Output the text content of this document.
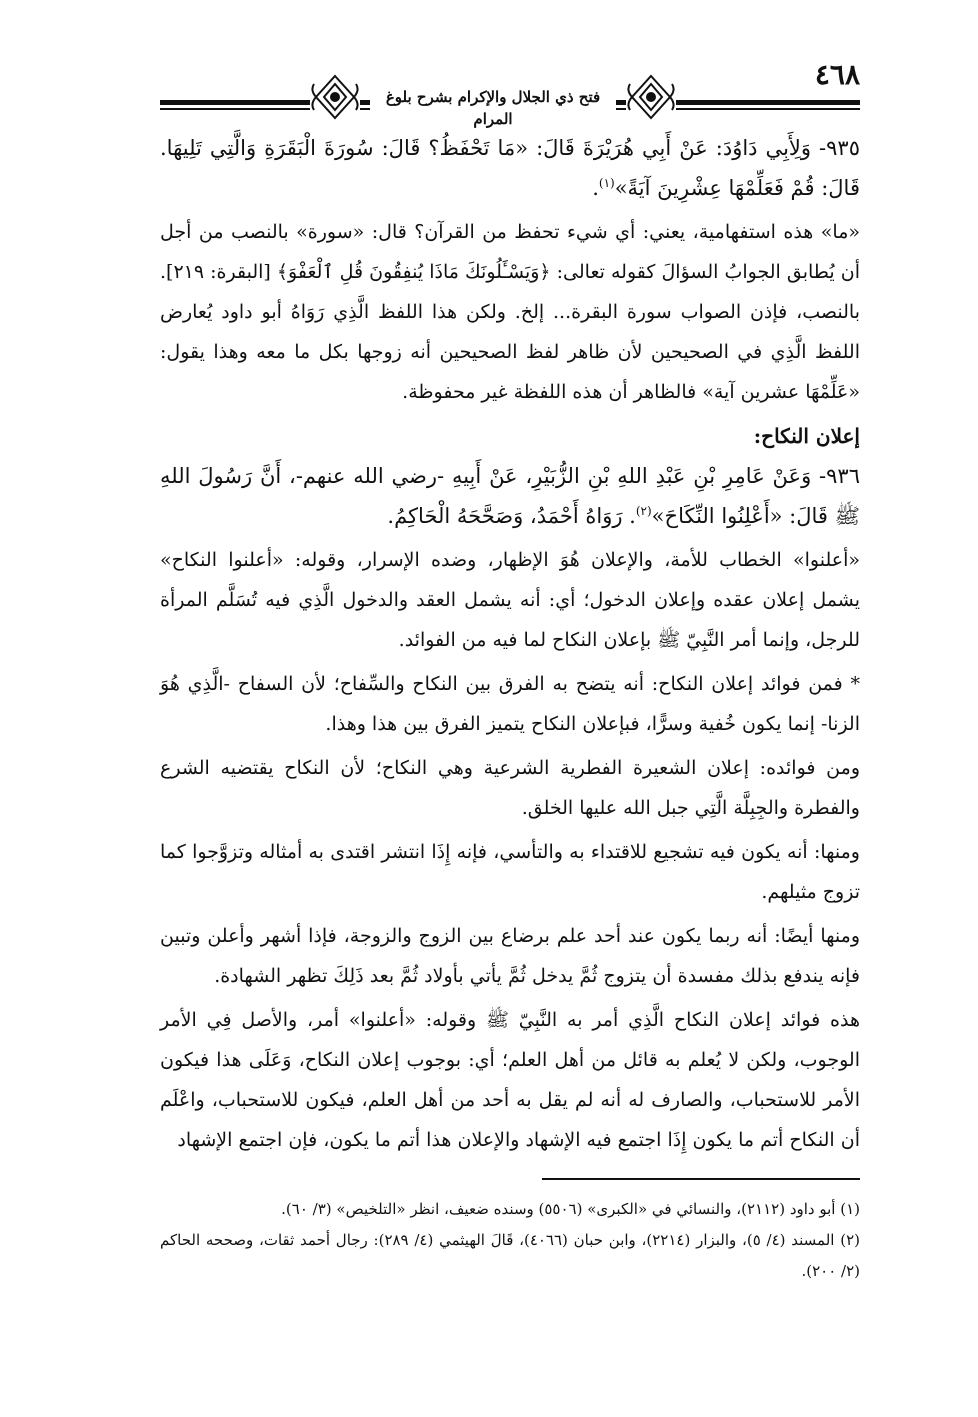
فتح ذي الجلال والإكرام بشرح بلوغ المرام
٤٦٨

٩٣٥- وَلِأَبِي دَاوُدَ: عَنْ أَبِي هُرَيْرَةَ قَالَ: «مَا تَحْفَظُ؟ قَالَ: سُورَةَ الْبَقَرَةِ وَالَّتِي تَلِيهَا. قَالَ: قُمْ فَعَلِّمْهَا عِشْرِينَ آيَةً»$^{(١)}$.

«ما» هذه استفهامية، يعني: أي شيء تحفظ من القرآن؟ قال: «سورة» بالنصب من أجل أن يُطابق الجوابُ السؤالَ كقوله تعالى: ﴿وَيَسْـَٔلُونَكَ مَاذَا يُنفِقُونَ قُلِ ٱلْعَفْوَ﴾ [البقرة: ٢١٩]. بالنصب، فإذن الصواب سورة البقرة... إلخ. ولكن هذا اللفظ الَّذِي رَوَاهُ أبو داود يُعارض اللفظ الَّذِي في الصحيحين لأن ظاهر لفظ الصحيحين أنه زوجها بكل ما معه وهذا يقول: «عَلِّمْهَا عشرين آية» فالظاهر أن هذه اللفظة غير محفوظة.

إعلان النكاح:

٩٣٦- وَعَنْ عَامِرِ بْنِ عَبْدِ اللهِ بْنِ الزُّبَيْرِ، عَنْ أَبِيهِ -رضي الله عنهم-، أَنَّ رَسُولَ اللهِ ﷺ قَالَ: «أَعْلِنُوا النِّكَاحَ»$^{(٢)}$. رَوَاهُ أَحْمَدُ، وَصَحَّحَهُ الْحَاكِمُ.

«أعلنوا» الخطاب للأمة، والإعلان هُوَ الإظهار، وضده الإسرار، وقوله: «أعلنوا النكاح» يشمل إعلان عقده وإعلان الدخول؛ أي: أنه يشمل العقد والدخول الَّذِي فيه تُسَلَّم المرأة للرجل، وإنما أمر النَّبِيّ ﷺ بإعلان النكاح لما فيه من الفوائد.

* فمن فوائد إعلان النكاح: أنه يتضح به الفرق بين النكاح والسِّفاح؛ لأن السفاح -الَّذِي هُوَ الزنا- إنما يكون خُفية وسرًّا، فبإعلان النكاح يتميز الفرق بين هذا وهذا.

ومن فوائده: إعلان الشعيرة الفطرية الشرعية وهي النكاح؛ لأن النكاح يقتضيه الشرع والفطرة والجِبِلَّة الَّتِي جبل الله عليها الخلق.

ومنها: أنه يكون فيه تشجيع للاقتداء به والتأسي، فإنه إِذَا انتشر اقتدى به أمثاله وتزوَّجوا كما تزوج مثيلهم.

ومنها أيضًا: أنه ربما يكون عند أحد علم برضاع بين الزوج والزوجة، فإذا أشهر وأعلن وتبين فإنه يندفع بذلك مفسدة أن يتزوج ثُمَّ يدخل ثُمَّ يأتي بأولاد ثُمَّ بعد ذَلِكَ تظهر الشهادة.

هذه فوائد إعلان النكاح الَّذِي أمر به النَّبِيّ ﷺ وقوله: «أعلنوا» أمر، والأصل فِي الأمر الوجوب، ولكن لا يُعلم به قائل من أهل العلم؛ أي: بوجوب إعلان النكاح، وَعَلَى هذا فيكون الأمر للاستحباب، والصارف له أنه لم يقل به أحد من أهل العلم، فيكون للاستحباب، واعْلَم أن النكاح أتم ما يكون إِذَا اجتمع فيه الإشهاد والإعلان هذا أتم ما يكون، فإن اجتمع الإشهاد

(١) أبو داود (٢١١٢)، والنسائي في «الكبرى» (٥٥٠٦) وسنده ضعيف، انظر «التلخيص» (٣/ ٦٠).

(٢) المسند (٤/ ٥)، والبزار (٢٢١٤)، وابن حبان (٤٠٦٦)، قَالَ الهيثمي (٤/ ٢٨٩): رجال أحمد ثقات، وصححه الحاكم (٢/ ٢٠٠).
